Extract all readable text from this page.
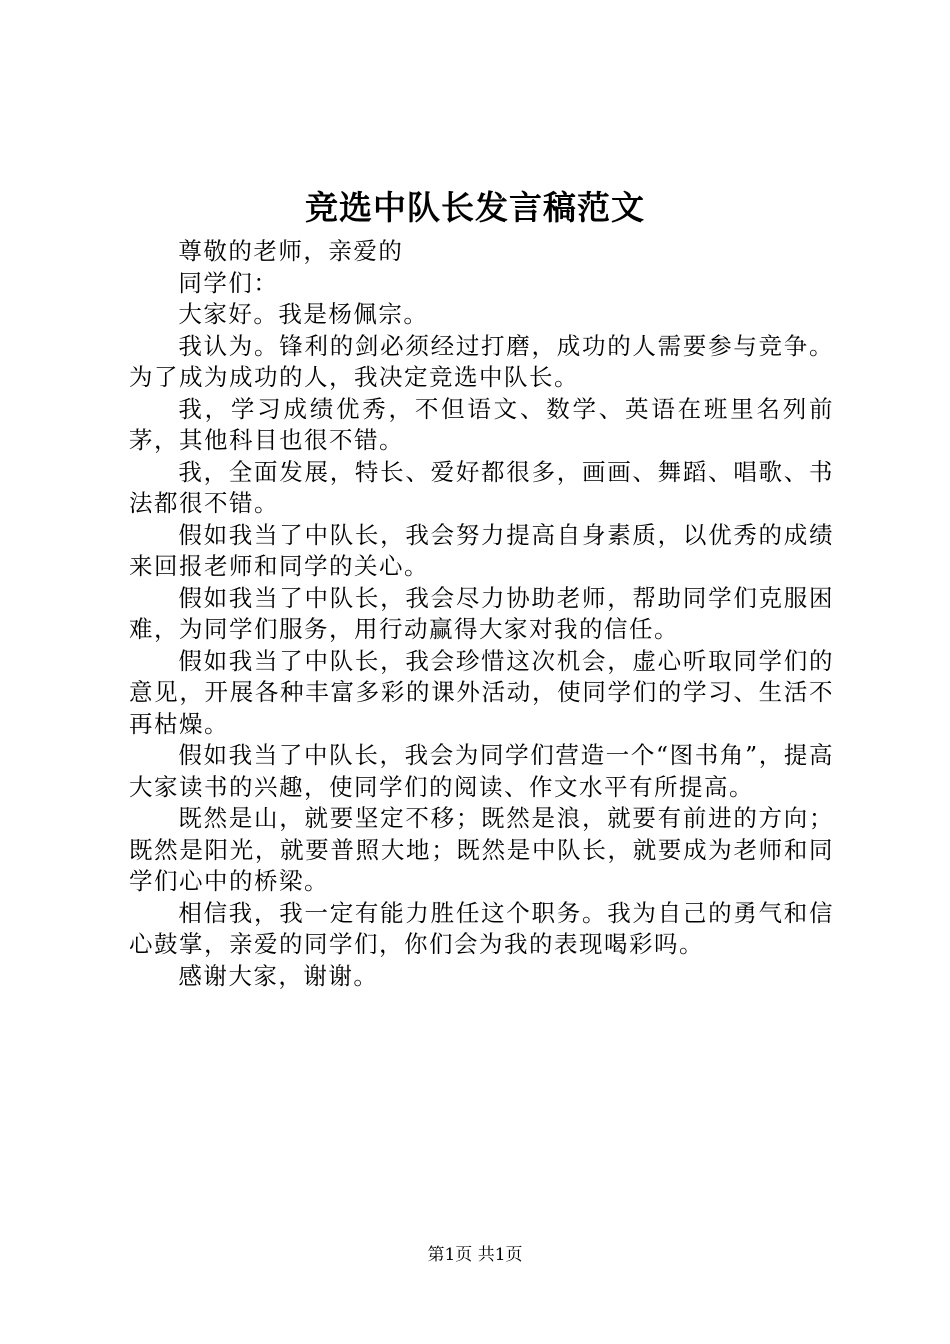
竞选中队长发言稿范文

尊敬的老师，亲爱的

同学们：

大家好。我是杨佩宗。

我认为。锋利的剑必须经过打磨，成功的人需要参与竞争。为了成为成功的人，我决定竞选中队长。

我，学习成绩优秀，不但语文、数学、英语在班里名列前茅，其他科目也很不错。

我，全面发展，特长、爱好都很多，画画、舞蹈、唱歌、书法都很不错。

假如我当了中队长，我会努力提高自身素质，以优秀的成绩来回报老师和同学的关心。

假如我当了中队长，我会尽力协助老师，帮助同学们克服困难，为同学们服务，用行动赢得大家对我的信任。

假如我当了中队长，我会珍惜这次机会，虚心听取同学们的意见，开展各种丰富多彩的课外活动，使同学们的学习、生活不再枯燥。

假如我当了中队长，我会为同学们营造一个“图书角”，提高大家读书的兴趣，使同学们的阅读、作文水平有所提高。

既然是山，就要坚定不移；既然是浪，就要有前进的方向；既然是阳光，就要普照大地；既然是中队长，就要成为老师和同学们心中的桥梁。

相信我，我一定有能力胜任这个职务。我为自己的勇气和信心鼓掌，亲爱的同学们，你们会为我的表现喝彩吗。

感谢大家，谢谢。

第1页 共1页
